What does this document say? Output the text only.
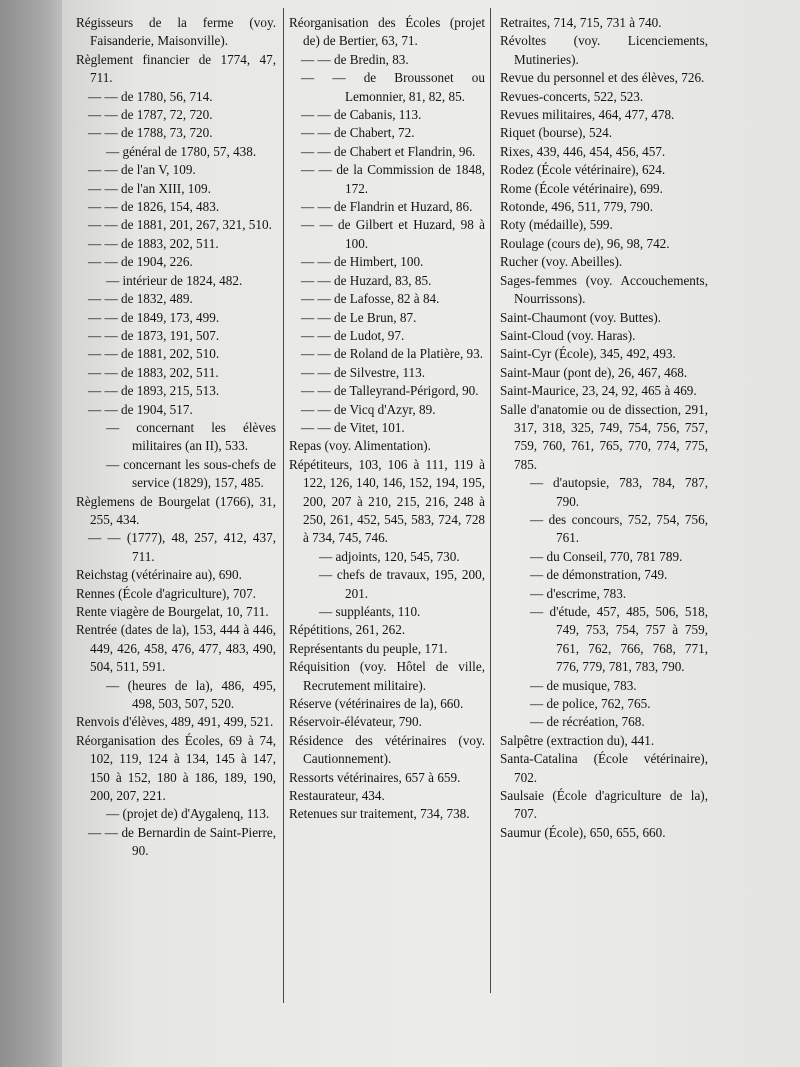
Régisseurs de la ferme (voy. Faisanderie, Maisonville).

Règlement financier de 1774, 47, 711.

— — de 1780, 56, 714.

— — de 1787, 72, 720.

— — de 1788, 73, 720.

— général de 1780, 57, 438.

— — de l'an V, 109.

— — de l'an XIII, 109.

— — de 1826, 154, 483.

— — de 1881, 201, 267, 321, 510.

— — de 1883, 202, 511.

— — de 1904, 226.

— intérieur de 1824, 482.

— — de 1832, 489.

— — de 1849, 173, 499.

— — de 1873, 191, 507.

— — de 1881, 202, 510.

— — de 1883, 202, 511.

— — de 1893, 215, 513.

— — de 1904, 517.

— concernant les élèves militaires (an II), 533.

— concernant les sous-chefs de service (1829), 157, 485.

Règlemens de Bourgelat (1766), 31, 255, 434.

— — (1777), 48, 257, 412, 437, 711.

Reichstag (vétérinaire au), 690.

Rennes (École d'agriculture), 707.

Rente viagère de Bourgelat, 10, 711.

Rentrée (dates de la), 153, 444 à 446, 449, 426, 458, 476, 477, 483, 490, 504, 511, 591.

— (heures de la), 486, 495, 498, 503, 507, 520.

Renvois d'élèves, 489, 491, 499, 521.

Réorganisation des Écoles, 69 à 74, 102, 119, 124 à 134, 145 à 147, 150 à 152, 180 à 186, 189, 190, 200, 207, 221.

— (projet de) d'Aygalenq, 113.

— — de Bernardin de Saint-Pierre, 90.

Réorganisation des Écoles (projet de) de Bertier, 63, 71.

— — de Bredin, 83.

— — de Broussonet ou Lemonnier, 81, 82, 85.

— — de Cabanis, 113.

— — de Chabert, 72.

— — de Chabert et Flandrin, 96.

— — de la Commission de 1848, 172.

— — de Flandrin et Huzard, 86.

— — de Gilbert et Huzard, 98 à 100.

— — de Himbert, 100.

— — de Huzard, 83, 85.

— — de Lafosse, 82 à 84.

— — de Le Brun, 87.

— — de Ludot, 97.

— — de Roland de la Platière, 93.

— — de Silvestre, 113.

— — de Talleyrand-Périgord, 90.

— — de Vicq d'Azyr, 89.

— — de Vitet, 101.

Repas (voy. Alimentation).

Répétiteurs, 103, 106 à 111, 119 à 122, 126, 140, 146, 152, 194, 195, 200, 207 à 210, 215, 216, 248 à 250, 261, 452, 545, 583, 724, 728 à 734, 745, 746.

— adjoints, 120, 545, 730.

— chefs de travaux, 195, 200, 201.

— suppléants, 110.

Répétitions, 261, 262.

Représentants du peuple, 171.

Réquisition (voy. Hôtel de ville, Recrutement militaire).

Réserve (vétérinaires de la), 660.

Réservoir-élévateur, 790.

Résidence des vétérinaires (voy. Cautionnement).

Ressorts vétérinaires, 657 à 659.

Restaurateur, 434.

Retenues sur traitement, 734, 738.

Retraites, 714, 715, 731 à 740.

Révoltes (voy. Licenciements, Mutineries).

Revue du personnel et des élèves, 726.

Revues-concerts, 522, 523.

Revues militaires, 464, 477, 478.

Riquet (bourse), 524.

Rixes, 439, 446, 454, 456, 457.

Rodez (École vétérinaire), 624.

Rome (École vétérinaire), 699.

Rotonde, 496, 511, 779, 790.

Roty (médaille), 599.

Roulage (cours de), 96, 98, 742.

Rucher (voy. Abeilles).

Sages-femmes (voy. Accouchements, Nourrissons).

Saint-Chaumont (voy. Buttes).

Saint-Cloud (voy. Haras).

Saint-Cyr (École), 345, 492, 493.

Saint-Maur (pont de), 26, 467, 468.

Saint-Maurice, 23, 24, 92, 465 à 469.

Salle d'anatomie ou de dissection, 291, 317, 318, 325, 749, 754, 756, 757, 759, 760, 761, 765, 770, 774, 775, 785.

— d'autopsie, 783, 784, 787, 790.

— des concours, 752, 754, 756, 761.

— du Conseil, 770, 781 789.

— de démonstration, 749.

— d'escrime, 783.

— d'étude, 457, 485, 506, 518, 749, 753, 754, 757 à 759, 761, 762, 766, 768, 771, 776, 779, 781, 783, 790.

— de musique, 783.

— de police, 762, 765.

— de récréation, 768.

Salpêtre (extraction du), 441.

Santa-Catalina (École vétérinaire), 702.

Saulsaie (École d'agriculture de la), 707.

Saumur (École), 650, 655, 660.
